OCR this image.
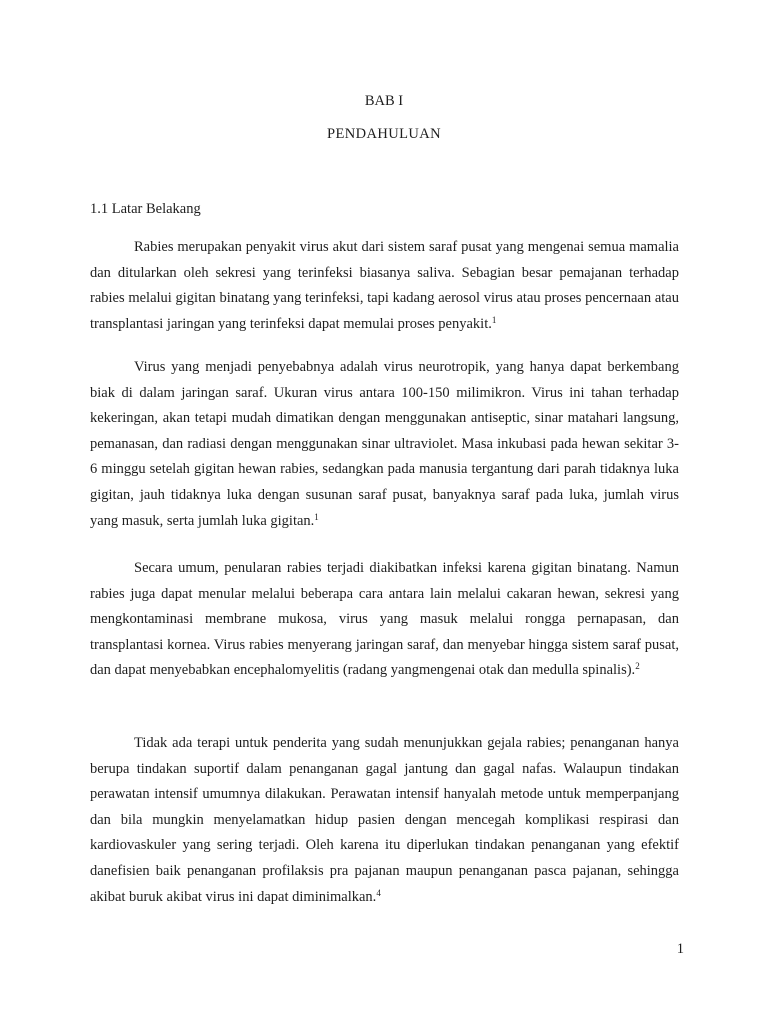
BAB I
PENDAHULUAN
1.1 Latar Belakang

Rabies merupakan penyakit virus akut dari sistem saraf pusat yang mengenai semua mamalia dan ditularkan oleh sekresi yang terinfeksi biasanya saliva. Sebagian besar pemajanan terhadap rabies melalui gigitan binatang yang terinfeksi, tapi kadang aerosol virus atau proses pencernaan atau transplantasi jaringan yang terinfeksi dapat memulai proses penyakit.$^1$

Virus yang menjadi penyebabnya adalah virus neurotropik, yang hanya dapat berkembang biak di dalam jaringan saraf. Ukuran virus antara 100-150 milimikron. Virus ini tahan terhadap kekeringan, akan tetapi mudah dimatikan dengan menggunakan antiseptic, sinar matahari langsung, pemanasan, dan radiasi dengan menggunakan sinar ultraviolet. Masa inkubasi pada hewan sekitar 3-6 minggu setelah gigitan hewan rabies, sedangkan pada manusia tergantung dari parah tidaknya luka gigitan, jauh tidaknya luka dengan susunan saraf pusat, banyaknya saraf pada luka, jumlah virus yang masuk, serta jumlah luka gigitan.$^1$

Secara umum, penularan rabies terjadi diakibatkan infeksi karena gigitan binatang. Namun rabies juga dapat menular melalui beberapa cara antara lain melalui cakaran hewan, sekresi yang mengkontaminasi membrane mukosa, virus yang masuk melalui rongga pernapasan, dan transplantasi kornea. Virus rabies menyerang jaringan saraf, dan menyebar hingga sistem saraf pusat, dan dapat menyebabkan encephalomyelitis (radang yangmengenai otak dan medulla spinalis).$^2$

Tidak ada terapi untuk penderita yang sudah menunjukkan gejala rabies; penanganan hanya berupa tindakan suportif dalam penanganan gagal jantung dan gagal nafas. Walaupun tindakan perawatan intensif umumnya dilakukan. Perawatan intensif hanyalah metode untuk memperpanjang dan bila mungkin menyelamatkan hidup pasien dengan mencegah komplikasi respirasi dan kardiovaskuler yang sering terjadi. Oleh karena itu diperlukan tindakan penanganan yang efektif danefisien baik penanganan profilaksis pra pajanan maupun penanganan pasca pajanan, sehingga akibat buruk akibat virus ini dapat diminimalkan.$^4$

1
